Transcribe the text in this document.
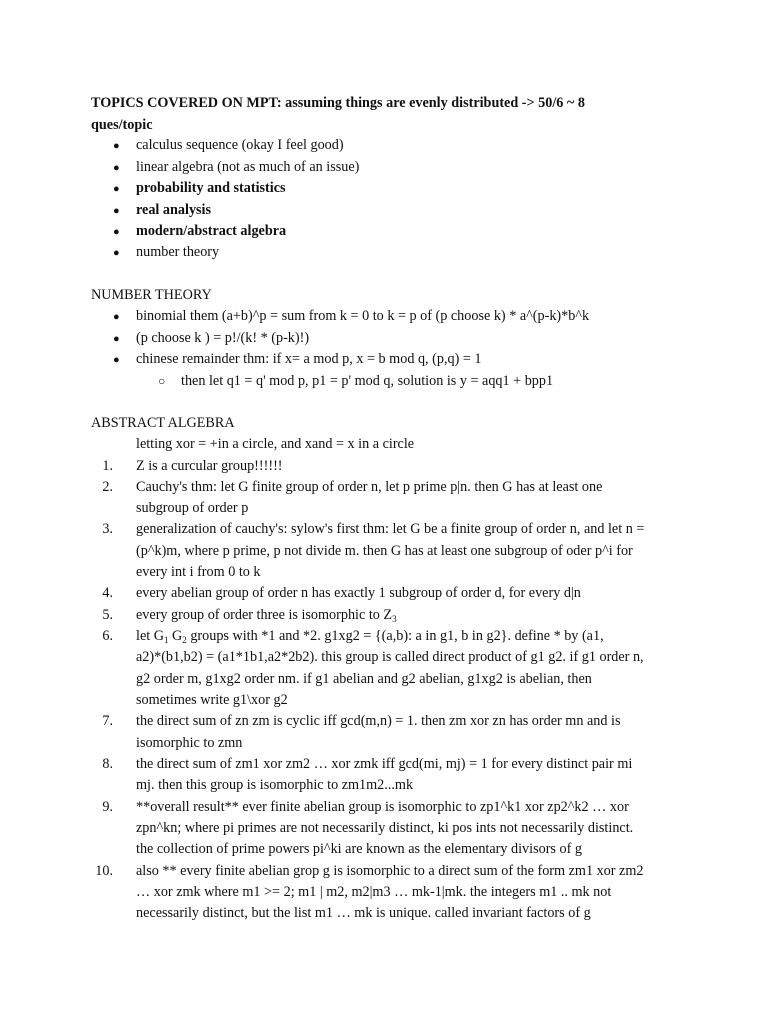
TOPICS COVERED ON MPT: assuming things are evenly distributed -> 50/6 ~ 8
ques/topic
● calculus sequence (okay I feel good)
● linear algebra (not as much of an issue)
● probability and statistics
● real analysis
● modern/abstract algebra
● number theory
NUMBER THEORY
● binomial them (a+b)^p = sum from k = 0 to k = p of (p choose k) * a^(p-k)*b^k
● (p choose k ) = p!/(k! * (p-k)!)
● chinese remainder thm: if x= a mod p, x = b mod q, (p,q) = 1
○ then let q1 = q' mod p, p1 = p' mod q, solution is y = aqq1 + bpp1
ABSTRACT ALGEBRA
letting xor = +in a circle, and xand = x in a circle
1. Z is a curcular group!!!!!!
2. Cauchy's thm: let G finite group of order n, let p prime p|n. then G has at least one
subgroup of order p
3. generalization of cauchy's: sylow's first thm: let G be a finite group of order n, and let n =
(p^k)m, where p prime, p not divide m. then G has at least one subgroup of oder p^i for
every int i from 0 to k
4. every abelian group of order n has exactly 1 subgroup of order d, for every d|n
5. every group of order three is isomorphic to $Z_3$
6. let $G_1$ $G_2$ groups with *1 and *2. g1xg2 = {(a,b): a in g1, b in g2}. define * by (a1,
a2)*(b1,b2) = (a1*1b1,a2*2b2). this group is called direct product of g1 g2. if g1 order n,
g2 order m, g1xg2 order nm. if g1 abelian and g2 abelian, g1xg2 is abelian, then
sometimes write g1\xor g2
7. the direct sum of zn zm is cyclic iff gcd(m,n) = 1. then zm xor zn has order mn and is
isomorphic to zmn
8. the direct sum of zm1 xor zm2 … xor zmk iff gcd(mi, mj) = 1 for every distinct pair mi
mj. then this group is isomorphic to zm1m2...mk
9. **overall result** ever finite abelian group is isomorphic to zp1^k1 xor zp2^k2 … xor
zpn^kn; where pi primes are not necessarily distinct, ki pos ints not necessarily distinct.
the collection of prime powers pi^ki are known as the elementary divisors of g
10. also ** every finite abelian grop g is isomorphic to a direct sum of the form zm1 xor zm2
… xor zmk where m1 >= 2; m1 | m2, m2|m3 … mk-1|mk. the integers m1 .. mk not
necessarily distinct, but the list m1 … mk is unique. called invariant factors of g
